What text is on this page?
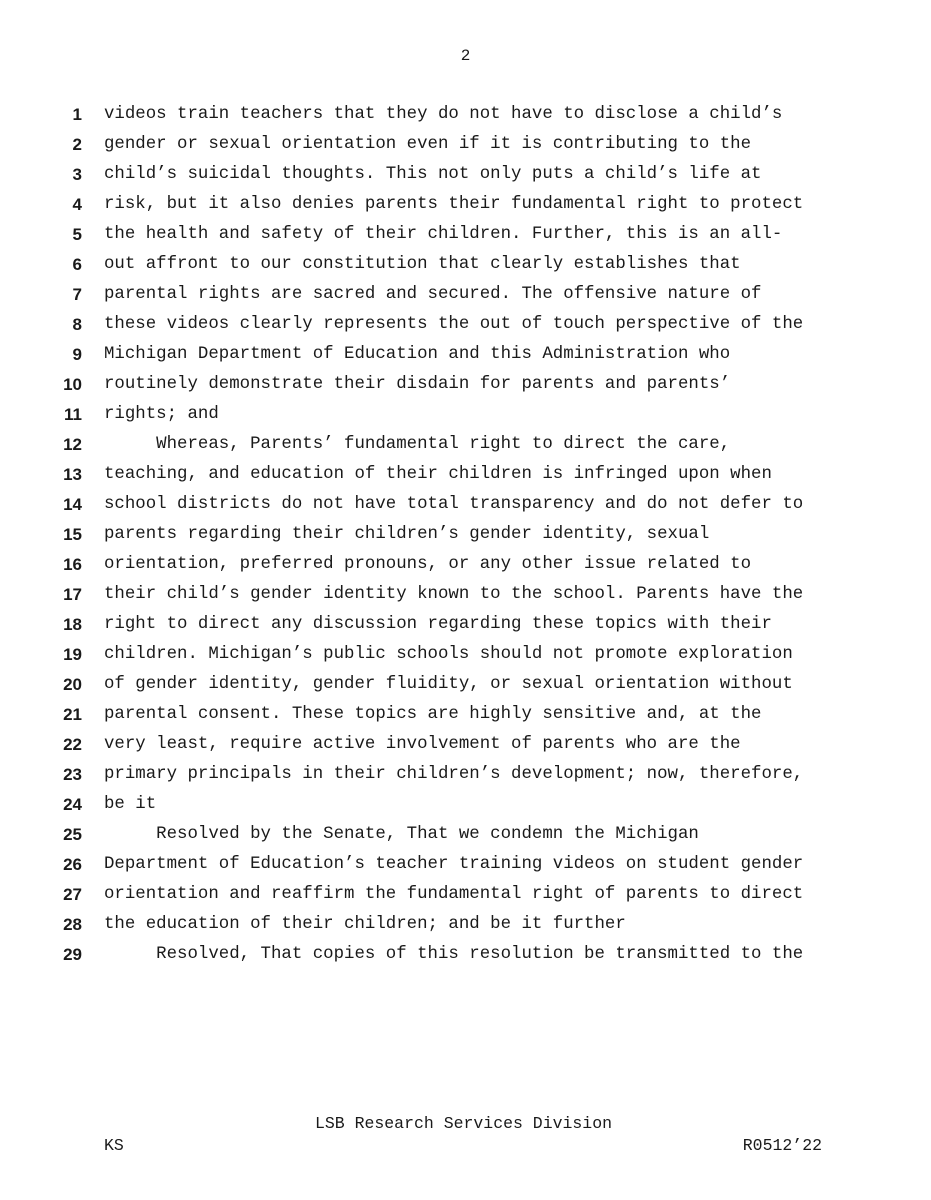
2
1 videos train teachers that they do not have to disclose a child’s
2 gender or sexual orientation even if it is contributing to the
3 child’s suicidal thoughts. This not only puts a child’s life at
4 risk, but it also denies parents their fundamental right to protect
5 the health and safety of their children. Further, this is an all-
6 out affront to our constitution that clearly establishes that
7 parental rights are sacred and secured. The offensive nature of
8 these videos clearly represents the out of touch perspective of the
9 Michigan Department of Education and this Administration who
10 routinely demonstrate their disdain for parents and parents’
11 rights; and
12 Whereas, Parents’ fundamental right to direct the care,
13 teaching, and education of their children is infringed upon when
14 school districts do not have total transparency and do not defer to
15 parents regarding their children’s gender identity, sexual
16 orientation, preferred pronouns, or any other issue related to
17 their child’s gender identity known to the school. Parents have the
18 right to direct any discussion regarding these topics with their
19 children. Michigan’s public schools should not promote exploration
20 of gender identity, gender fluidity, or sexual orientation without
21 parental consent. These topics are highly sensitive and, at the
22 very least, require active involvement of parents who are the
23 primary principals in their children’s development; now, therefore,
24 be it
25 Resolved by the Senate, That we condemn the Michigan
26 Department of Education’s teacher training videos on student gender
27 orientation and reaffirm the fundamental right of parents to direct
28 the education of their children; and be it further
29 Resolved, That copies of this resolution be transmitted to the
LSB Research Services Division
KS	R0512’22
